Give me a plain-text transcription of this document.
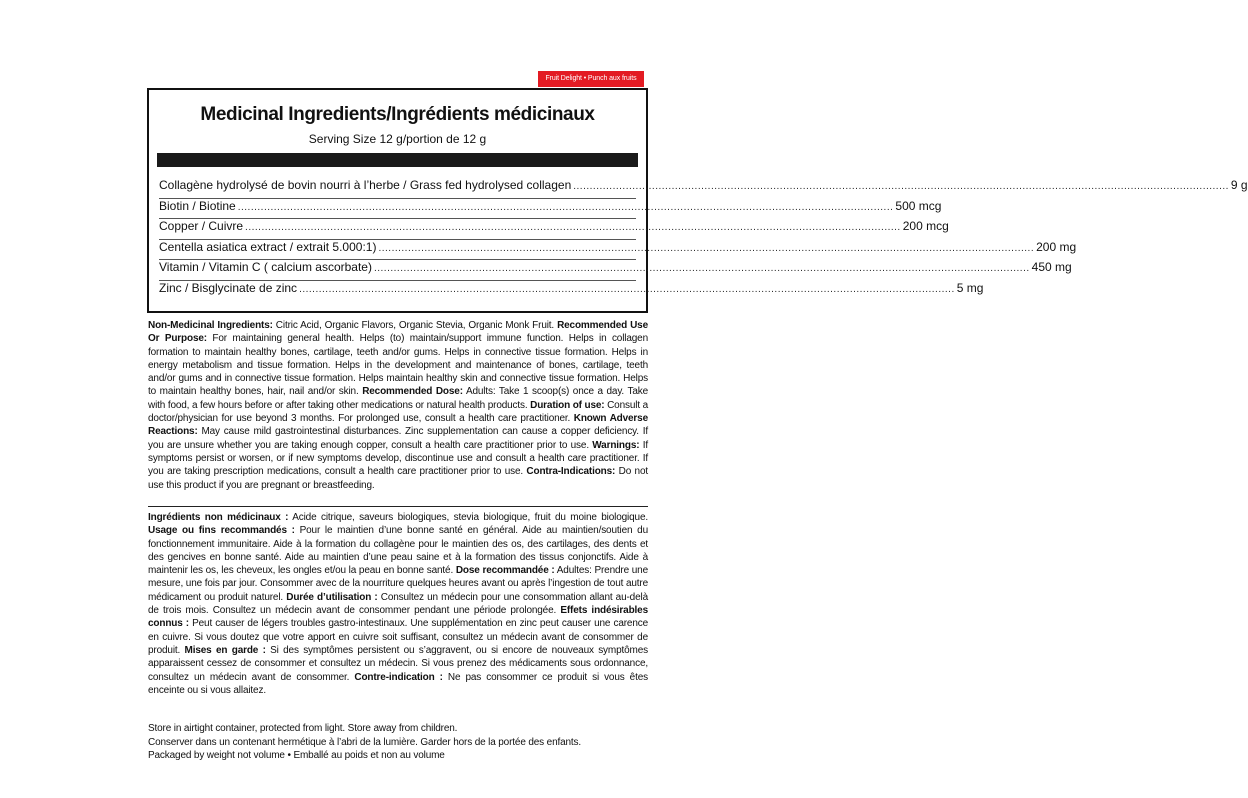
Fruit Delight • Punch aux fruits
Medicinal Ingredients/Ingrédients médicinaux
Serving Size 12 g/portion de 12 g
Collagène hydrolysé de bovin nourri à l’herbe / Grass fed hydrolysed collagen ........................................................................................................................................................................................................ 9 g
Biotin / Biotine ........................................................................................................................................................................................................ 500 mcg
Copper / Cuivre ........................................................................................................................................................................................................ 200 mcg
Centella asiatica extract / extrait 5.000:1) ........................................................................................................................................................................................................ 200 mg
Vitamin / Vitamin C ( calcium ascorbate) ........................................................................................................................................................................................................ 450 mg
Zinc / Bisglycinate de zinc ........................................................................................................................................................................................................ 5 mg
Non-Medicinal Ingredients: Citric Acid, Organic Flavors, Organic Stevia, Organic Monk Fruit. Recommended Use Or Purpose: For maintaining general health. Helps (to) maintain/support immune function. Helps in collagen formation to maintain healthy bones, cartilage, teeth and/or gums. Helps in connective tissue formation. Helps in energy metabolism and tissue formation. Helps in the development and maintenance of bones, cartilage, teeth and/or gums and in connective tissue formation. Helps maintain healthy skin and connective tissue formation. Helps to maintain healthy bones, hair, nail and/or skin. Recommended Dose: Adults: Take 1 scoop(s) once a day. Take with food, a few hours before or after taking other medications or natural health products. Duration of use: Consult a doctor/physician for use beyond 3 months. For prolonged use, consult a health care practitioner. Known Adverse Reactions: May cause mild gastrointestinal disturbances. Zinc supplementation can cause a copper deficiency. If you are unsure whether you are taking enough copper, consult a health care practitioner prior to use. Warnings: If symptoms persist or worsen, or if new symptoms develop, discontinue use and consult a health care practitioner. If you are taking prescription medications, consult a health care practitioner prior to use. Contra-Indications: Do not use this product if you are pregnant or breastfeeding.
Ingrédients non médicinaux : Acide citrique, saveurs biologiques, stevia biologique, fruit du moine biologique. Usage ou fins recommandés : Pour le maintien d’une bonne santé en général. Aide au maintien/soutien du fonctionnement immunitaire. Aide à la formation du collagène pour le maintien des os, des cartilages, des dents et des gencives en bonne santé. Aide au maintien d’une peau saine et à la formation des tissus conjonctifs. Aide à maintenir les os, les cheveux, les ongles et/ou la peau en bonne santé. Dose recommandée : Adultes: Prendre une mesure, une fois par jour. Consommer avec de la nourriture quelques heures avant ou après l’ingestion de tout autre médicament ou produit naturel. Durée d’utilisation : Consultez un médecin pour une consommation allant au-delà de trois mois. Consultez un médecin avant de consommer pendant une période prolongée. Effets indésirables connus : Peut causer de légers troubles gastro-intestinaux. Une supplémentation en zinc peut causer une carence en cuivre. Si vous doutez que votre apport en cuivre soit suffisant, consultez un médecin avant de consommer de produit. Mises en garde : Si des symptômes persistent ou s’aggravent, ou si encore de nouveaux symptômes apparaissent cessez de consommer et consultez un médecin. Si vous prenez des médicaments sous ordonnance, consultez un médecin avant de consommer. Contre-indication : Ne pas consommer ce produit si vous êtes enceinte ou si vous allaitez.
Store in airtight container, protected from light. Store away from children.
Conserver dans un contenant hermétique à l’abri de la lumière. Garder hors de la portée des enfants.
Packaged by weight not volume • Emballé au poids et non au volume
